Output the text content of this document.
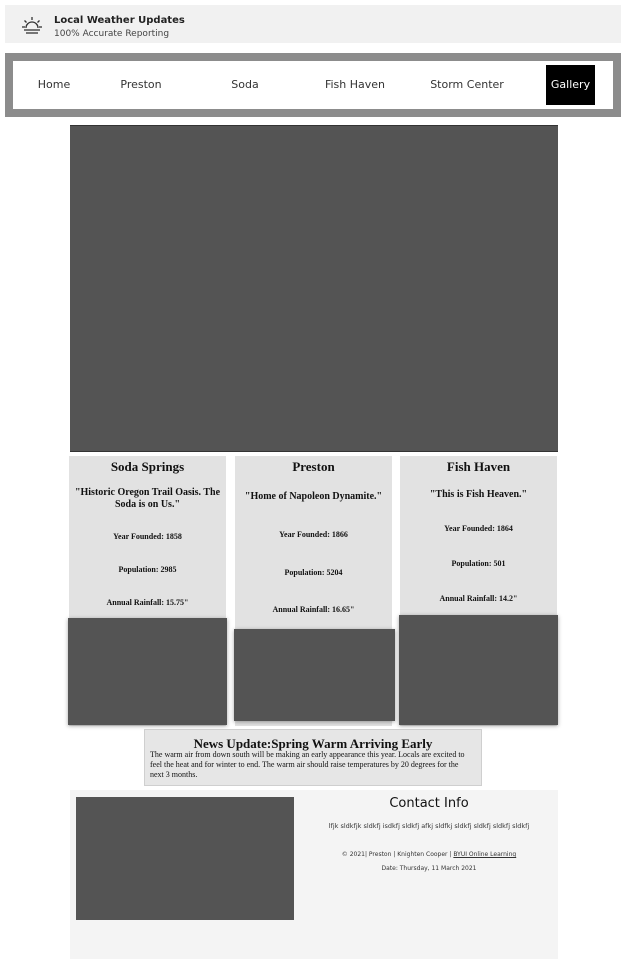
Local Weather Updates
100% Accurate Reporting
Home	Preston	Soda	Fish Haven	Storm Center	Gallery
Soda Springs
"Historic Oregon Trail Oasis. The Soda is on Us."
Year Founded: 1858
Population: 2985
Annual Rainfall: 15.75"
Preston
"Home of Napoleon Dynamite."
Year Founded: 1866
Population: 5204
Annual Rainfall: 16.65"
Fish Haven
"This is Fish Heaven."
Year Founded: 1864
Population: 501
Annual Rainfall: 14.2"
News Update:Spring Warm Arriving Early

The warm air from down south will be making an early appearance this year. Locals are excited to feel the heat and for winter to end. The warm air should raise temperatures by 20 degrees for the next 3 months.

Contact Info
lfjk sldkfjk sldkfj isdkfj sldkfj afkj sldfkj sldkfj sldkfj sldkfj sldkfj
© 2021| Preston | Knighten Cooper | BYUI Online Learning
Date: Thursday, 11 March 2021
